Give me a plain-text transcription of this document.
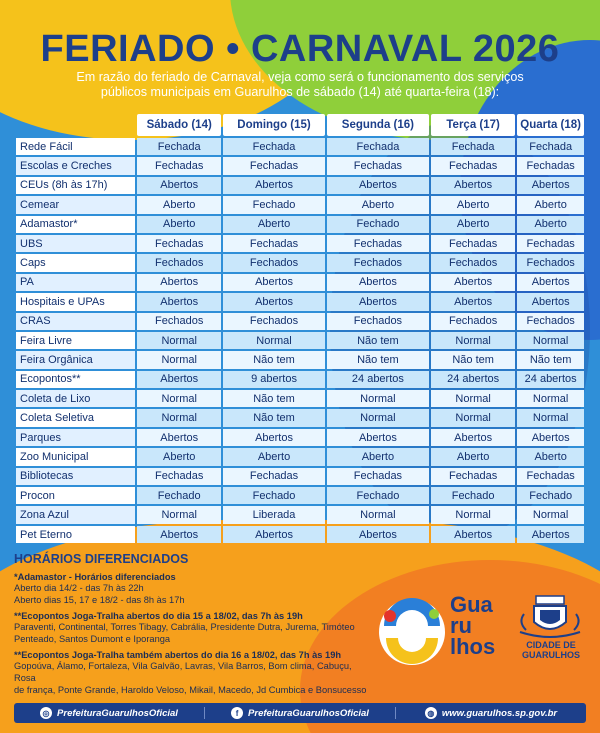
FERIADO • CARNAVAL 2026
Em razão do feriado de Carnaval, veja como será o funcionamento dos serviços
públicos municipais em Guarulhos de sábado (14) até quarta-feira (18):
	Sábado (14)	Domingo (15)	Segunda (16)	Terça (17)	Quarta (18)
Rede Fácil	Fechada	Fechada	Fechada	Fechada	Fechada
Escolas e Creches	Fechadas	Fechadas	Fechadas	Fechadas	Fechadas
CEUs (8h às 17h)	Abertos	Abertos	Abertos	Abertos	Abertos
Cemear	Aberto	Fechado	Aberto	Aberto	Aberto
Adamastor*	Aberto	Aberto	Fechado	Aberto	Aberto
UBS	Fechadas	Fechadas	Fechadas	Fechadas	Fechadas
Caps	Fechados	Fechados	Fechados	Fechados	Fechados
PA	Abertos	Abertos	Abertos	Abertos	Abertos
Hospitais e UPAs	Abertos	Abertos	Abertos	Abertos	Abertos
CRAS	Fechados	Fechados	Fechados	Fechados	Fechados
Feira Livre	Normal	Normal	Não tem	Normal	Normal
Feira Orgânica	Normal	Não tem	Não tem	Não tem	Não tem
Ecopontos**	Abertos	9 abertos	24 abertos	24 abertos	24 abertos
Coleta de Lixo	Normal	Não tem	Normal	Normal	Normal
Coleta Seletiva	Normal	Não tem	Normal	Normal	Normal
Parques	Abertos	Abertos	Abertos	Abertos	Abertos
Zoo Municipal	Aberto	Aberto	Aberto	Aberto	Aberto
Bibliotecas	Fechadas	Fechadas	Fechadas	Fechadas	Fechadas
Procon	Fechado	Fechado	Fechado	Fechado	Fechado
Zona Azul	Normal	Liberada	Normal	Normal	Normal
Pet Eterno	Abertos	Abertos	Abertos	Abertos	Abertos
HORÁRIOS DIFERENCIADOS
*Adamastor - Horários diferenciados
Aberto dia 14/2 - das 7h às 22h
Aberto dias 15, 17 e 18/2 - das 8h às 17h
**Ecopontos Joga-Tralha abertos do dia 15 a 18/02, das 7h às 19h
Paraventi, Continental, Torres Tibagy, Cabrália, Presidente Dutra, Jurema, Timóteo
Penteado, Santos Dumont e Iporanga
**Ecopontos Joga-Tralha também abertos do dia 16 a 18/02, das 7h às 19h
Gopoúva, Álamo, Fortaleza, Vila Galvão, Lavras, Vila Barros, Bom clima, Cabuçu, Rosa
de frança, Ponte Grande, Haroldo Veloso, Mikail, Macedo, Jd Cumbica e Bonsucesso
Gua
ru
lhos	CIDADE DE
GUARULHOS
◎ PrefeituraGuarulhosOficial	f	PrefeituraGuarulhosOficial	◍ www.guarulhos.sp.gov.br
